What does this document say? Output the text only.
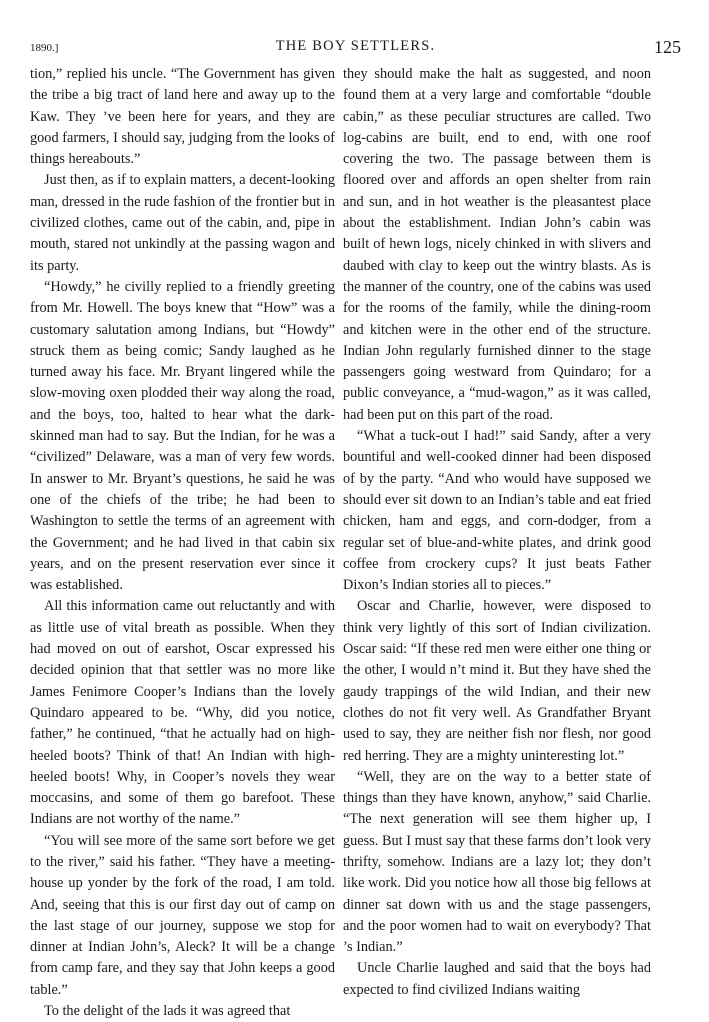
1890.]	THE BOY SETTLERS.	125

tion,” replied his uncle. “The Government has given the tribe a big tract of land here and away up to the Kaw. They ’ve been here for years, and they are good farmers, I should say, judging from the looks of things hereabouts.”

Just then, as if to explain matters, a decent-looking man, dressed in the rude fashion of the frontier but in civilized clothes, came out of the cabin, and, pipe in mouth, stared not unkindly at the passing wagon and its party.

“Howdy,” he civilly replied to a friendly greeting from Mr. Howell. The boys knew that “How” was a customary salutation among Indians, but “Howdy” struck them as being comic; Sandy laughed as he turned away his face. Mr. Bryant lingered while the slow-moving oxen plodded their way along the road, and the boys, too, halted to hear what the dark-skinned man had to say. But the Indian, for he was a “civilized” Delaware, was a man of very few words. In answer to Mr. Bryant’s questions, he said he was one of the chiefs of the tribe; he had been to Washington to settle the terms of an agreement with the Government; and he had lived in that cabin six years, and on the present reservation ever since it was established.

All this information came out reluctantly and with as little use of vital breath as possible. When they had moved on out of earshot, Oscar expressed his decided opinion that that settler was no more like James Fenimore Cooper’s Indians than the lovely Quindaro appeared to be. “Why, did you notice, father,” he continued, “that he actually had on high-heeled boots? Think of that! An Indian with high-heeled boots! Why, in Cooper’s novels they wear moccasins, and some of them go barefoot. These Indians are not worthy of the name.”

“You will see more of the same sort before we get to the river,” said his father. “They have a meeting-house up yonder by the fork of the road, I am told. And, seeing that this is our first day out of camp on the last stage of our journey, suppose we stop for dinner at Indian John’s, Aleck? It will be a change from camp fare, and they say that John keeps a good table.”

To the delight of the lads it was agreed that

they should make the halt as suggested, and noon found them at a very large and comfortable “double cabin,” as these peculiar structures are called. Two log-cabins are built, end to end, with one roof covering the two. The passage between them is floored over and affords an open shelter from rain and sun, and in hot weather is the pleasantest place about the establishment. Indian John’s cabin was built of hewn logs, nicely chinked in with slivers and daubed with clay to keep out the wintry blasts. As is the manner of the country, one of the cabins was used for the rooms of the family, while the dining-room and kitchen were in the other end of the structure. Indian John regularly furnished dinner to the stage passengers going westward from Quindaro; for a public conveyance, a “mud-wagon,” as it was called, had been put on this part of the road.

“What a tuck-out I had!” said Sandy, after a very bountiful and well-cooked dinner had been disposed of by the party. “And who would have supposed we should ever sit down to an Indian’s table and eat fried chicken, ham and eggs, and corn-dodger, from a regular set of blue-and-white plates, and drink good coffee from crockery cups? It just beats Father Dixon’s Indian stories all to pieces.”

Oscar and Charlie, however, were disposed to think very lightly of this sort of Indian civilization. Oscar said: “If these red men were either one thing or the other, I would n’t mind it. But they have shed the gaudy trappings of the wild Indian, and their new clothes do not fit very well. As Grandfather Bryant used to say, they are neither fish nor flesh, nor good red herring. They are a mighty uninteresting lot.”

“Well, they are on the way to a better state of things than they have known, anyhow,” said Charlie. “The next generation will see them higher up, I guess. But I must say that these farms don’t look very thrifty, somehow. Indians are a lazy lot; they don’t like work. Did you notice how all those big fellows at dinner sat down with us and the stage passengers, and the poor women had to wait on everybody? That ’s Indian.”

Uncle Charlie laughed and said that the boys had expected to find civilized Indians waiting
